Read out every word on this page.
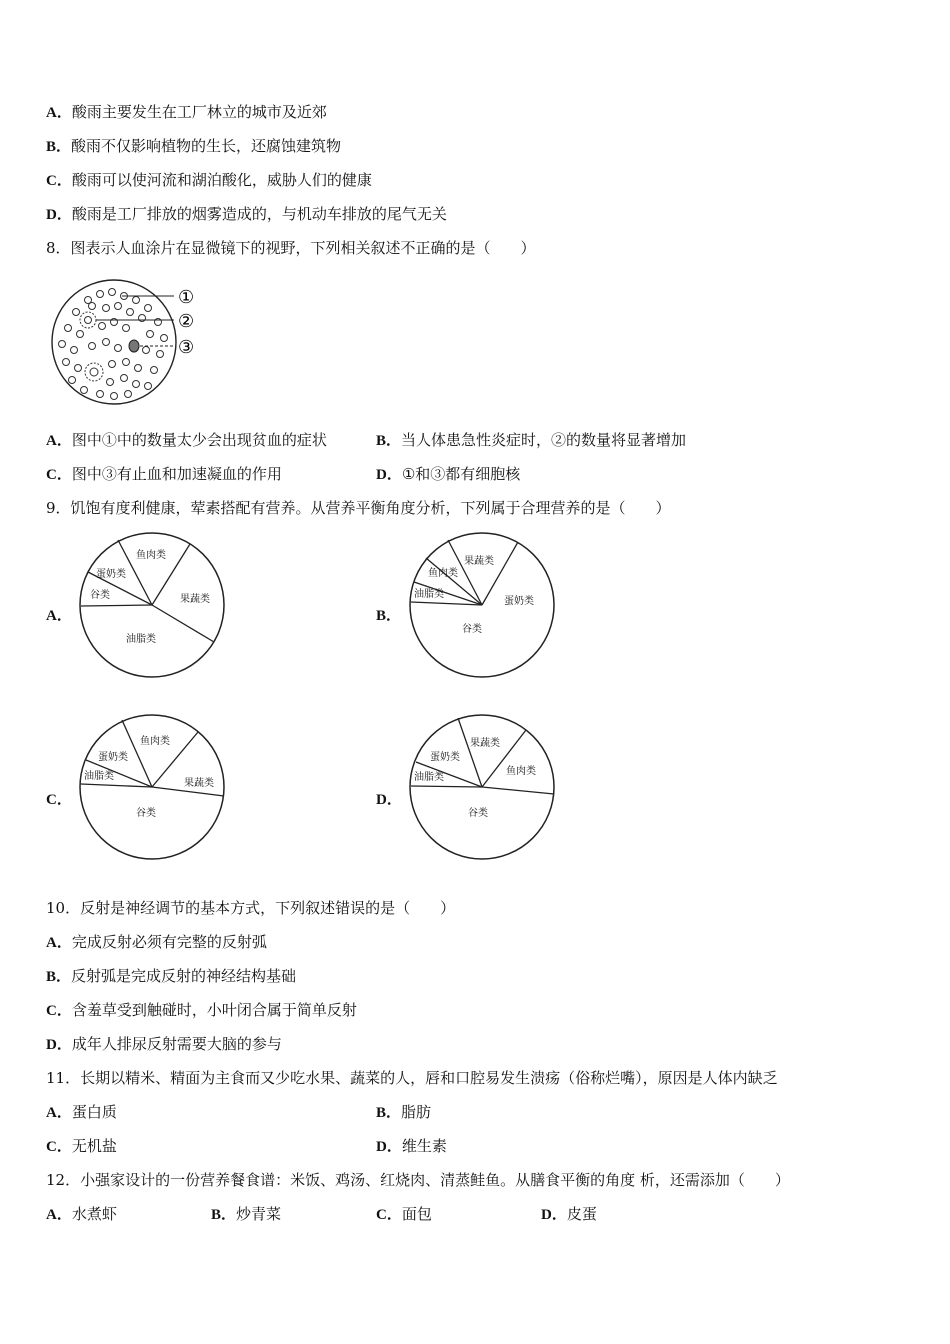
A．酸雨主要发生在工厂林立的城市及近郊
B．酸雨不仅影响植物的生长，还腐蚀建筑物
C．酸雨可以使河流和湖泊酸化，威胁人们的健康
D．酸雨是工厂排放的烟雾造成的，与机动车排放的尾气无关
8．图表示人血涂片在显微镜下的视野，下列相关叙述不正确的是（　　）
①
②
③
A．图中①中的数量太少会出现贫血的症状	B．当人体患急性炎症时，②的数量将显著增加
C．图中③有止血和加速凝血的作用	D．①和③都有细胞核
9．饥饱有度利健康，荤素搭配有营养。从营养平衡角度分析，下列属于合理营养的是（　　）
A．
鱼肉类
果蔬类
油脂类
谷类
蛋奶类
B．
果蔬类
蛋奶类
谷类
油脂类
鱼肉类
C．
鱼肉类
果蔬类
谷类
油脂类
蛋奶类
D．
果蔬类
鱼肉类
谷类
油脂类
蛋奶类
10．反射是神经调节的基本方式，下列叙述错误的是（　　）
A．完成反射必须有完整的反射弧
B．反射弧是完成反射的神经结构基础
C．含羞草受到触碰时，小叶闭合属于简单反射
D．成年人排尿反射需要大脑的参与
11．长期以精米、精面为主食而又少吃水果、蔬菜的人，唇和口腔易发生溃疡（俗称烂嘴），原因是人体内缺乏
A．蛋白质	B．脂肪
C．无机盐	D．维生素
12．小强家设计的一份营养餐食谱：米饭、鸡汤、红烧肉、清蒸鲑鱼。从膳食平衡的角度 析，还需添加（　　）
A．水煮虾	B．炒青菜	C．面包	D．皮蛋
